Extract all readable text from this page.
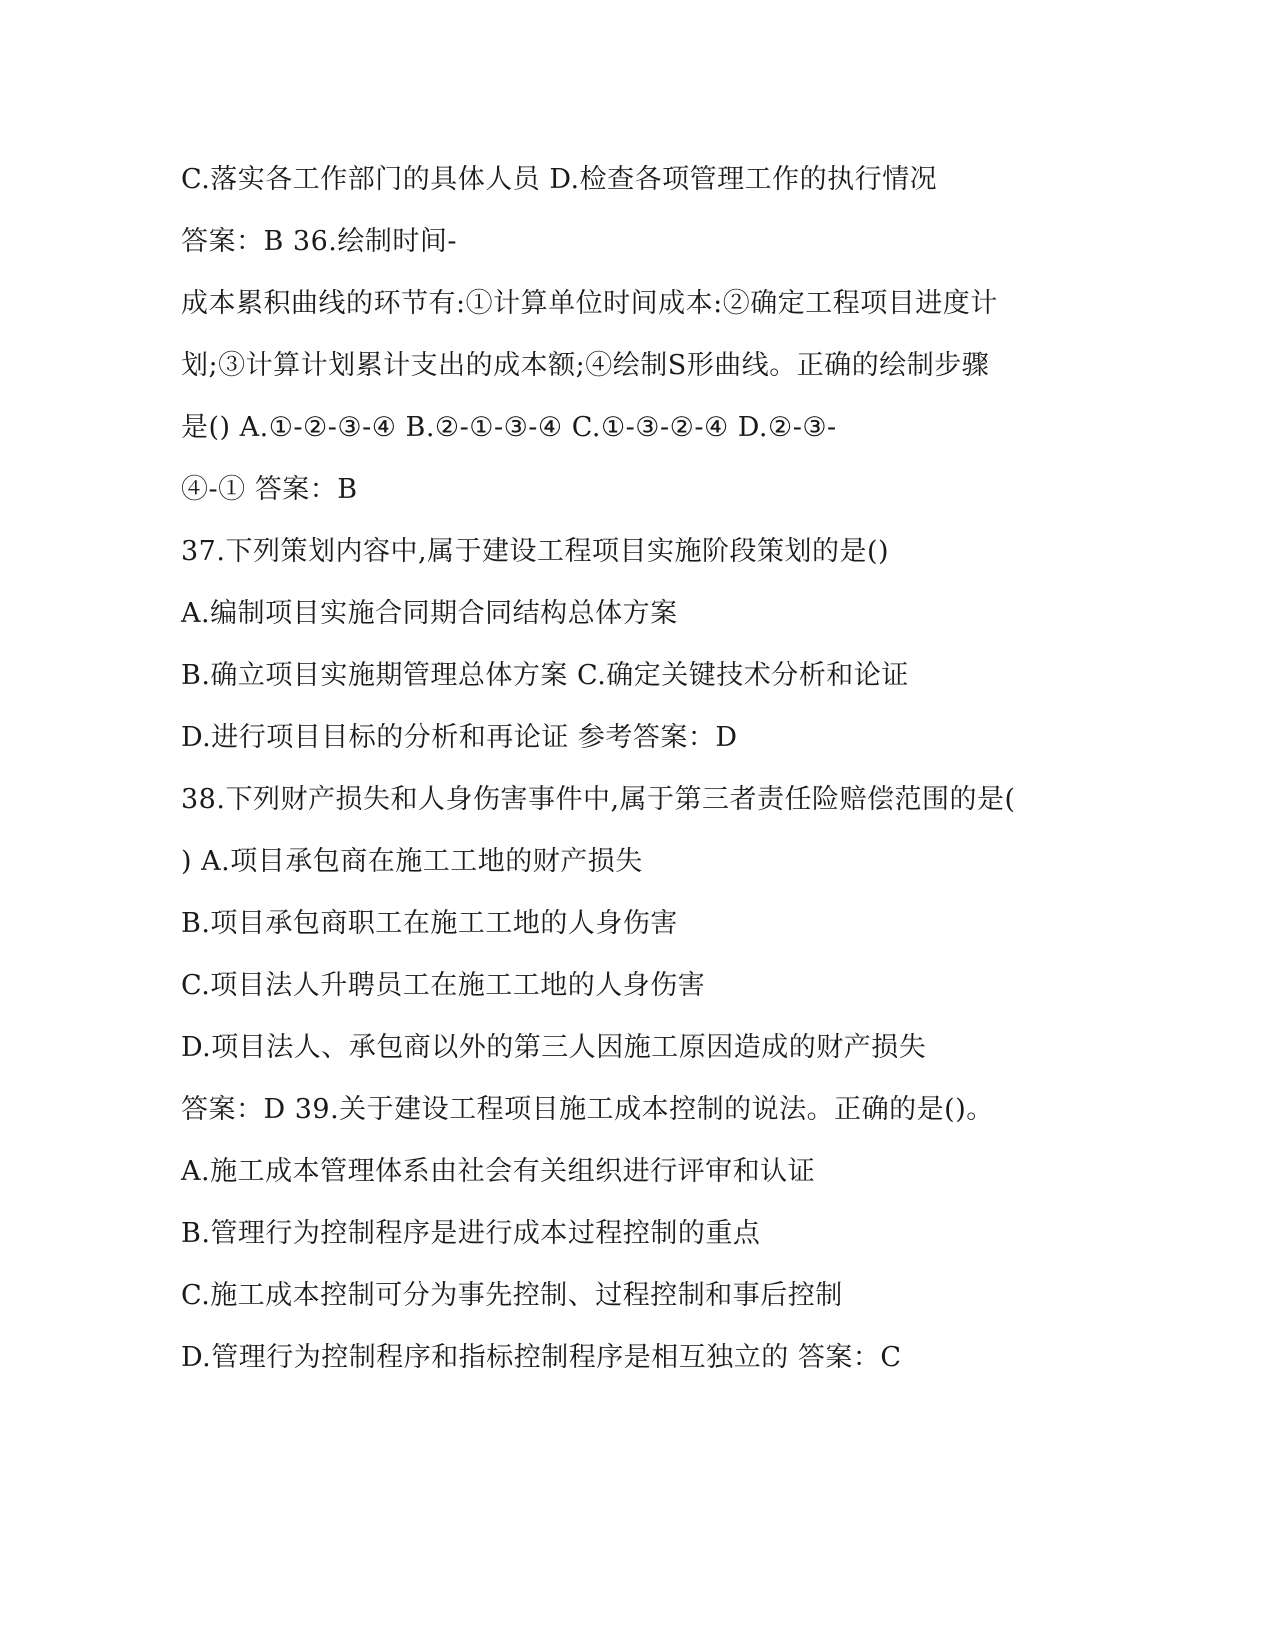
C.落实各工作部门的具体人员 D.检查各项管理工作的执行情况
答案：B 36.绘制时间-
成本累积曲线的环节有:①计算单位时间成本:②确定工程项目进度计
划;③计算计划累计支出的成本额;④绘制S形曲线。正确的绘制步骤
是() A.①-②-③-④ B.②-①-③-④ C.①-③-②-④ D.②-③-
④-① 答案：B
37.下列策划内容中,属于建设工程项目实施阶段策划的是()
A.编制项目实施合同期合同结构总体方案
B.确立项目实施期管理总体方案 C.确定关键技术分析和论证
D.进行项目目标的分析和再论证 参考答案：D
38.下列财产损失和人身伤害事件中,属于第三者责任险赔偿范围的是(
) A.项目承包商在施工工地的财产损失
B.项目承包商职工在施工工地的人身伤害
C.项目法人升聘员工在施工工地的人身伤害
D.项目法人、承包商以外的第三人因施工原因造成的财产损失
答案：D 39.关于建设工程项目施工成本控制的说法。正确的是()。
A.施工成本管理体系由社会有关组织进行评审和认证
B.管理行为控制程序是进行成本过程控制的重点
C.施工成本控制可分为事先控制、过程控制和事后控制
D.管理行为控制程序和指标控制程序是相互独立的 答案：C
